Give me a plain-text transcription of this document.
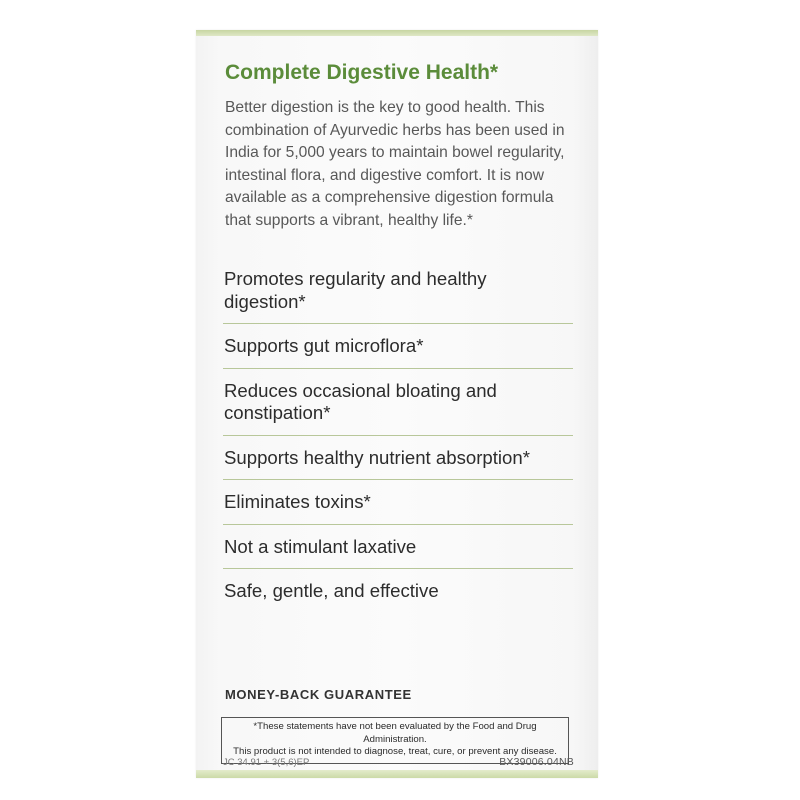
Complete Digestive Health*
Better digestion is the key to good health. This combination of Ayurvedic herbs has been used in India for 5,000 years to maintain bowel regularity, intestinal flora, and digestive comfort. It is now available as a comprehensive digestion formula that supports a vibrant, healthy life.*
Promotes regularity and healthy digestion*
Supports gut microflora*
Reduces occasional bloating and constipation*
Supports healthy nutrient absorption*
Eliminates toxins*
Not a stimulant laxative
Safe, gentle, and effective
MONEY-BACK GUARANTEE
*These statements have not been evaluated by the Food and Drug Administration.
This product is not intended to diagnose, treat, cure, or prevent any disease.
JC 34.91 + 3(5,6)EP	BX39006.04NB
